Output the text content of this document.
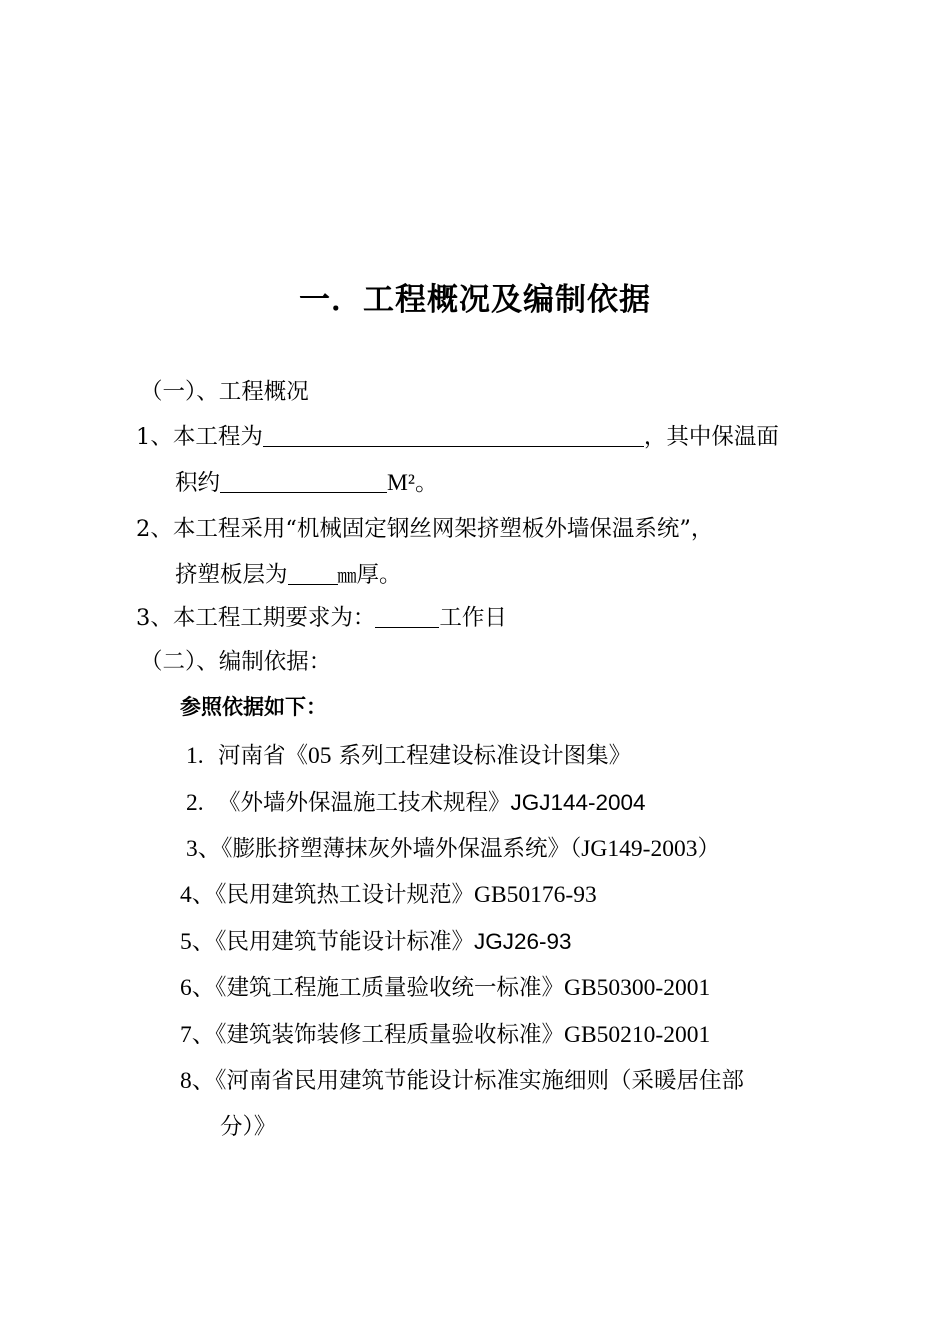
一．工程概况及编制依据
（一）、工程概况
1、本工程为	，其中保温面
积约	M²。
2、本工程采用“机械固定钢丝网架挤塑板外墙保温系统”，
挤塑板层为	㎜厚。
3、本工程工期要求为：	工作日
（二）、编制依据：
参照依据如下：
1. 河南省《05 系列工程建设标准设计图集》
2. 《外墙外保温施工技术规程》JGJ144-2004
3、《膨胀挤塑薄抹灰外墙外保温系统》（JG149-2003）
4、《民用建筑热工设计规范》GB50176-93
5、《民用建筑节能设计标准》JGJ26-93
6、《建筑工程施工质量验收统一标准》GB50300-2001
7、《建筑装饰装修工程质量验收标准》GB50210-2001
8、《河南省民用建筑节能设计标准实施细则（采暖居住部
分）》
